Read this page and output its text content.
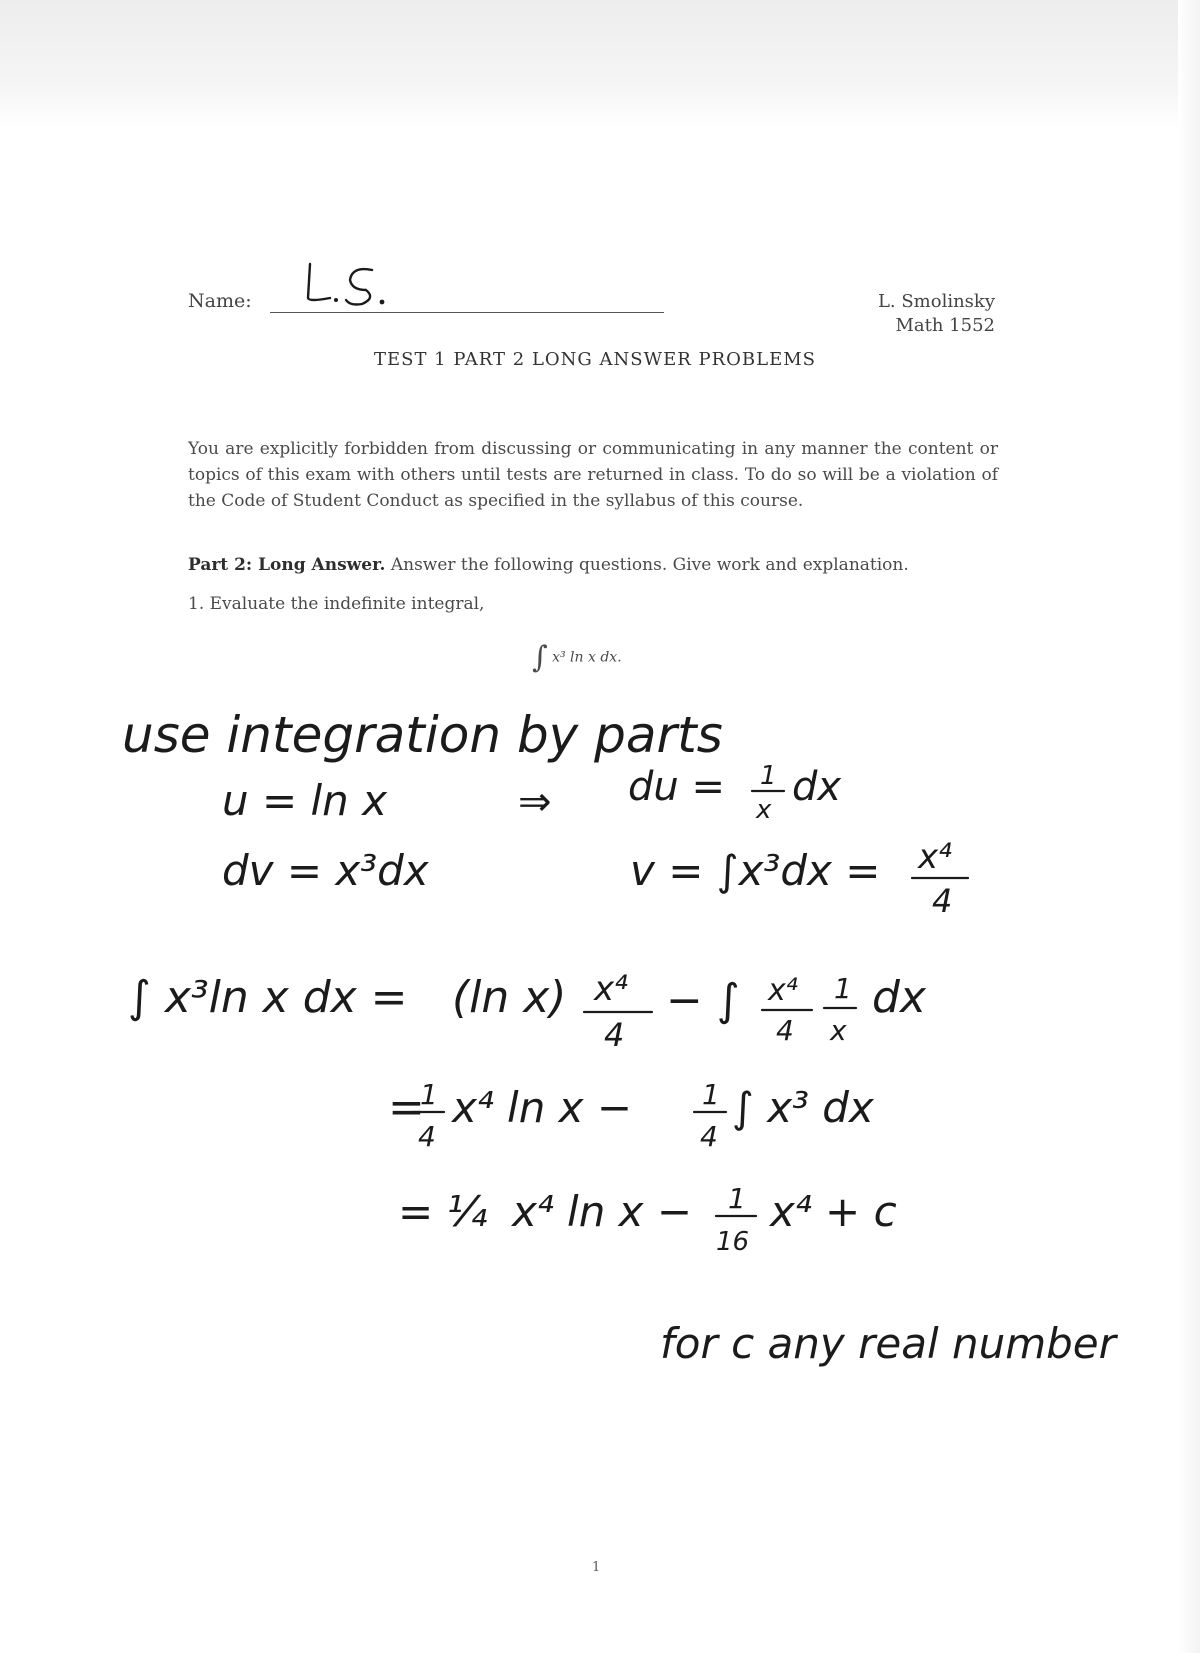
Name:	L. Smolinsky
Math 1552
TEST 1 PART 2 LONG ANSWER PROBLEMS
You are explicitly forbidden from discussing or communicating in any manner the content or topics of this exam with others until tests are returned in class. To do so will be a violation of the Code of Student Conduct as specified in the syllabus of this course.
Part 2: Long Answer. Answer the following questions. Give work and explanation.
1. Evaluate the indefinite integral,
∫ x³ ln x dx.
use integration by parts
u = ln x	⇒ du = 1
x dx
dv = x³dx	v = ∫x³dx = x⁴
4
∫ x³ln x dx = (ln x) x⁴
4
− ∫ x⁴
4
1
x
dx
=
1
4
x⁴ ln x − 1
4
∫ x³ dx
= ¹⁄₄ x⁴ ln x − 1
16
x⁴ + c
for c any real number
1
